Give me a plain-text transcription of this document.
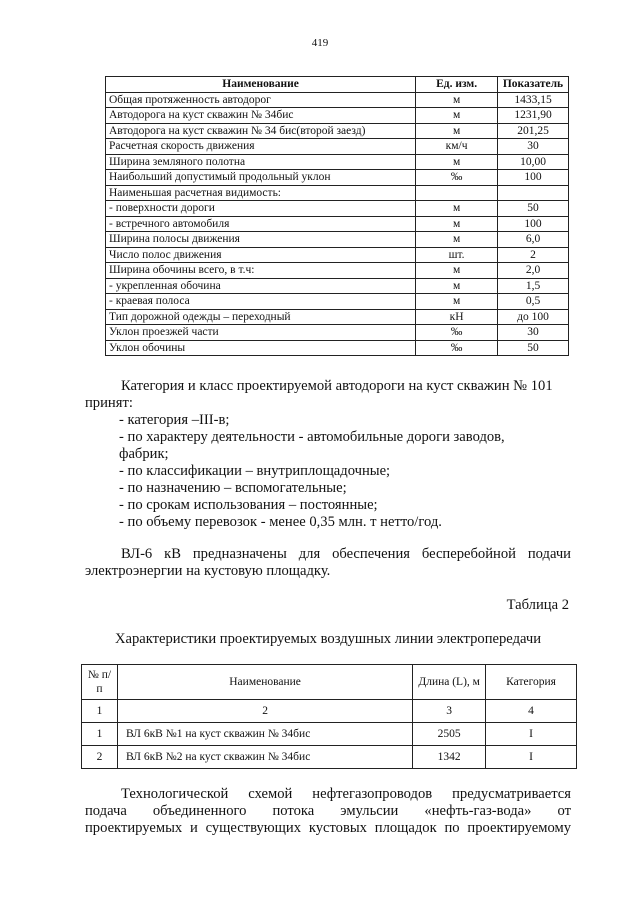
419
Наименование	Ед. изм.	Показатель
Общая протяженность автодорог	м	1433,15
Автодорога на куст скважин № 34бис	м	1231,90
Автодорога на куст скважин № 34 бис(второй заезд)	м	201,25
Расчетная скорость движения	км/ч	30
Ширина земляного полотна	м	10,00
Наибольший допустимый продольный уклон	‰	100
Наименьшая расчетная видимость:		
- поверхности дороги	м	50
- встречного автомобиля	м	100
Ширина полосы движения	м	6,0
Число полос движения	шт.	2
Ширина обочины всего, в т.ч:	м	2,0
- укрепленная обочина	м	1,5
- краевая полоса	м	0,5
Тип дорожной одежды – переходный	кН	до 100
Уклон проезжей части	‰	30
Уклон обочины	‰	50
Категория и класс проектируемой автодороги на куст скважин № 101
принят:
- категория –III-в;
- по характеру деятельности - автомобильные дороги заводов,
фабрик;
- по классификации – внутриплощадочные;
- по назначению – вспомогательные;
- по срокам использования – постоянные;
- по объему перевозок - менее 0,35 млн. т нетто/год.
ВЛ-6 кВ предназначены для обеспечения бесперебойной подачи
электроэнергии на кустовую площадку.
Таблица 2
Характеристики проектируемых воздушных линии электропередачи
№ п/п	Наименование	Длина (L), м	Категория
1	2	3	4
1	ВЛ 6кВ №1 на куст скважин № 34бис	2505	I
2	ВЛ 6кВ №2 на куст скважин № 34бис	1342	I
Технологической схемой нефтегазопроводов предусматривается
подача объединенного потока эмульсии «нефть-газ-вода» от
проектируемых и существующих кустовых площадок по проектируемому
